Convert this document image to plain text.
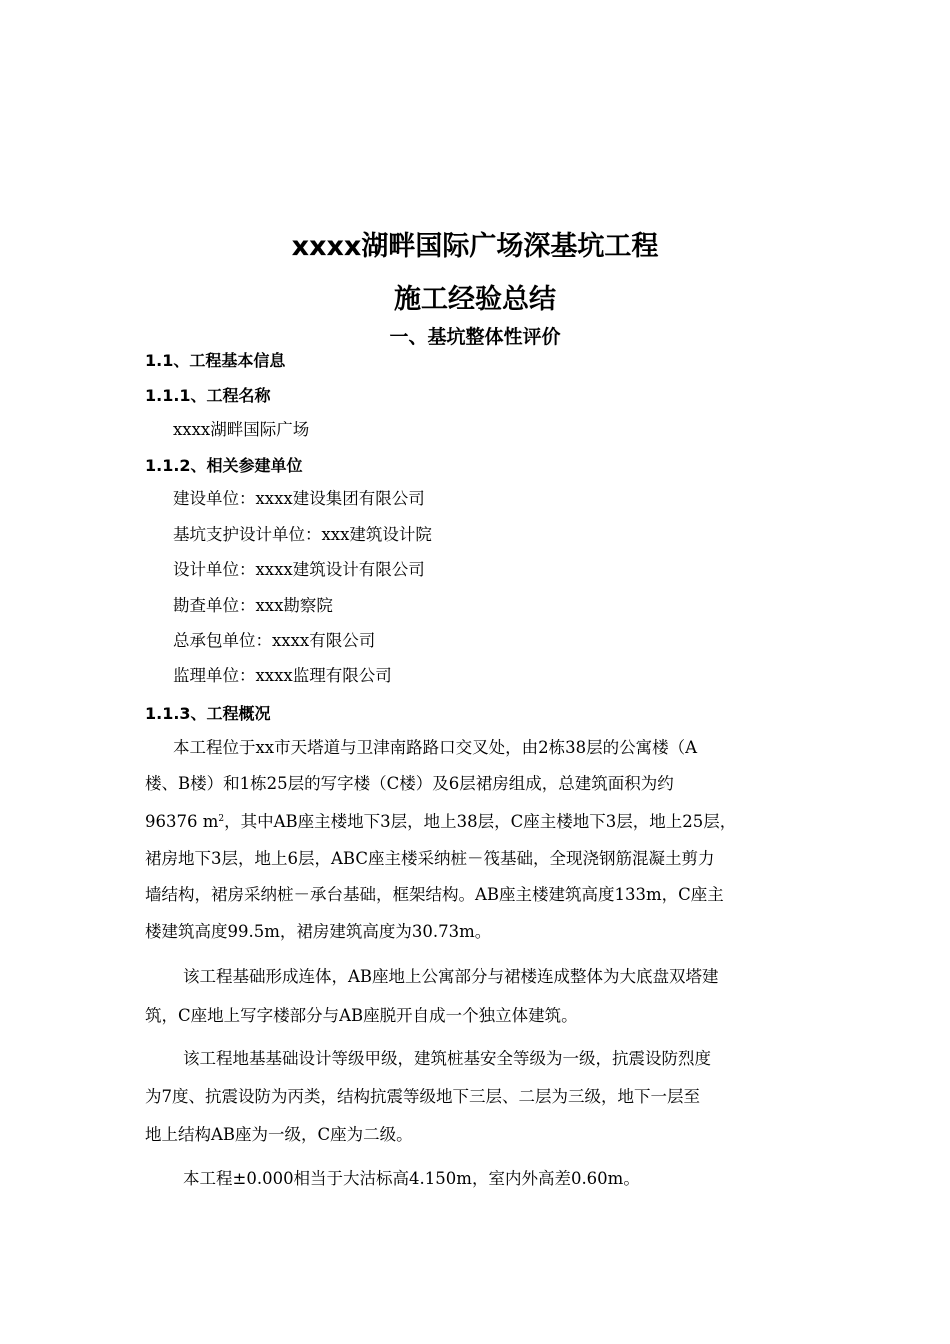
xxxx湖畔国际广场深基坑工程
施工经验总结
一、基坑整体性评价
1.1、工程基本信息
1.1.1、工程名称
xxxx湖畔国际广场
1.1.2、相关参建单位
建设单位：xxxx建设集团有限公司
基坑支护设计单位：xxx建筑设计院
设计单位：xxxx建筑设计有限公司
勘查单位：xxx勘察院
总承包单位：xxxx有限公司
监理单位：xxxx监理有限公司
1.1.3、工程概况
本工程位于xx市天塔道与卫津南路路口交叉处，由2栋38层的公寓楼（A
楼、B楼）和1栋25层的写字楼（C楼）及6层裙房组成，总建筑面积为约
96376 $m^2$，其中AB座主楼地下3层，地上38层，C座主楼地下3层，地上25层，
裙房地下3层，地上6层，ABC座主楼采纳桩－筏基础，全现浇钢筋混凝土剪力
墙结构，裙房采纳桩－承台基础，框架结构。AB座主楼建筑高度133m，C座主
楼建筑高度99.5m，裙房建筑高度为30.73m。
该工程基础形成连体，AB座地上公寓部分与裙楼连成整体为大底盘双塔建
筑，C座地上写字楼部分与AB座脱开自成一个独立体建筑。
该工程地基基础设计等级甲级，建筑桩基安全等级为一级，抗震设防烈度
为7度、抗震设防为丙类，结构抗震等级地下三层、二层为三级，地下一层至
地上结构AB座为一级，C座为二级。
本工程±0.000相当于大沽标高4.150m，室内外高差0.60m。
